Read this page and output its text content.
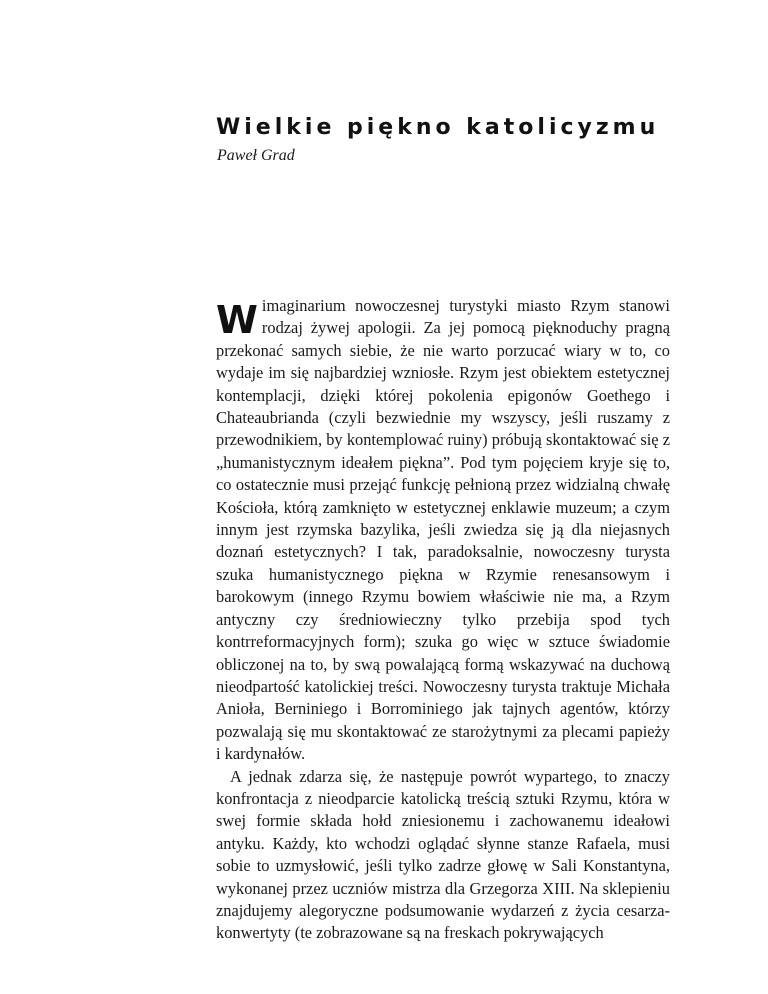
Wielkie piękno katolicyzmu

Paweł Grad

Wimaginarium nowoczesnej turystyki miasto Rzym stanowi rodzaj żywej apologii. Za jej pomocą pięknoduchy pragną przekonać samych siebie, że nie warto porzucać wiary w to, co wydaje im się najbardziej wzniosłe. Rzym jest obiektem estetycznej kontemplacji, dzięki której pokolenia epigonów Goethego i Chateaubrianda (czyli bezwiednie my wszyscy, jeśli ruszamy z przewodnikiem, by kontemplować ruiny) próbują skontaktować się z „humanistycznym ideałem piękna”. Pod tym pojęciem kryje się to, co ostatecznie musi przejąć funkcję pełnioną przez widzialną chwałę Kościoła, którą zamknięto w estetycznej enklawie muzeum; a czym innym jest rzymska bazylika, jeśli zwiedza się ją dla niejasnych doznań estetycznych? I tak, paradoksalnie, nowoczesny turysta szuka humanistycznego piękna w Rzymie renesansowym i barokowym (innego Rzymu bowiem właściwie nie ma, a Rzym antyczny czy średniowieczny tylko przebija spod tych kontrreformacyjnych form); szuka go więc w sztuce świadomie obliczonej na to, by swą powalającą formą wskazywać na duchową nieodpartość katolickiej treści. Nowoczesny turysta traktuje Michała Anioła, Berniniego i Borrominiego jak tajnych agentów, którzy pozwalają się mu skontaktować ze starożytnymi za plecami papieży i kardynałów.

A jednak zdarza się, że następuje powrót wypartego, to znaczy konfrontacja z nieodparcie katolicką treścią sztuki Rzymu, która w swej formie składa hołd zniesionemu i zachowanemu ideałowi antyku. Każdy, kto wchodzi oglądać słynne stanze Rafaela, musi sobie to uzmysłowić, jeśli tylko zadrze głowę w Sali Konstantyna, wykonanej przez uczniów mistrza dla Grzegorza XIII. Na sklepieniu znajdujemy alegoryczne podsumowanie wydarzeń z życia cesarza-konwertyty (te zobrazowane są na freskach pokrywających
